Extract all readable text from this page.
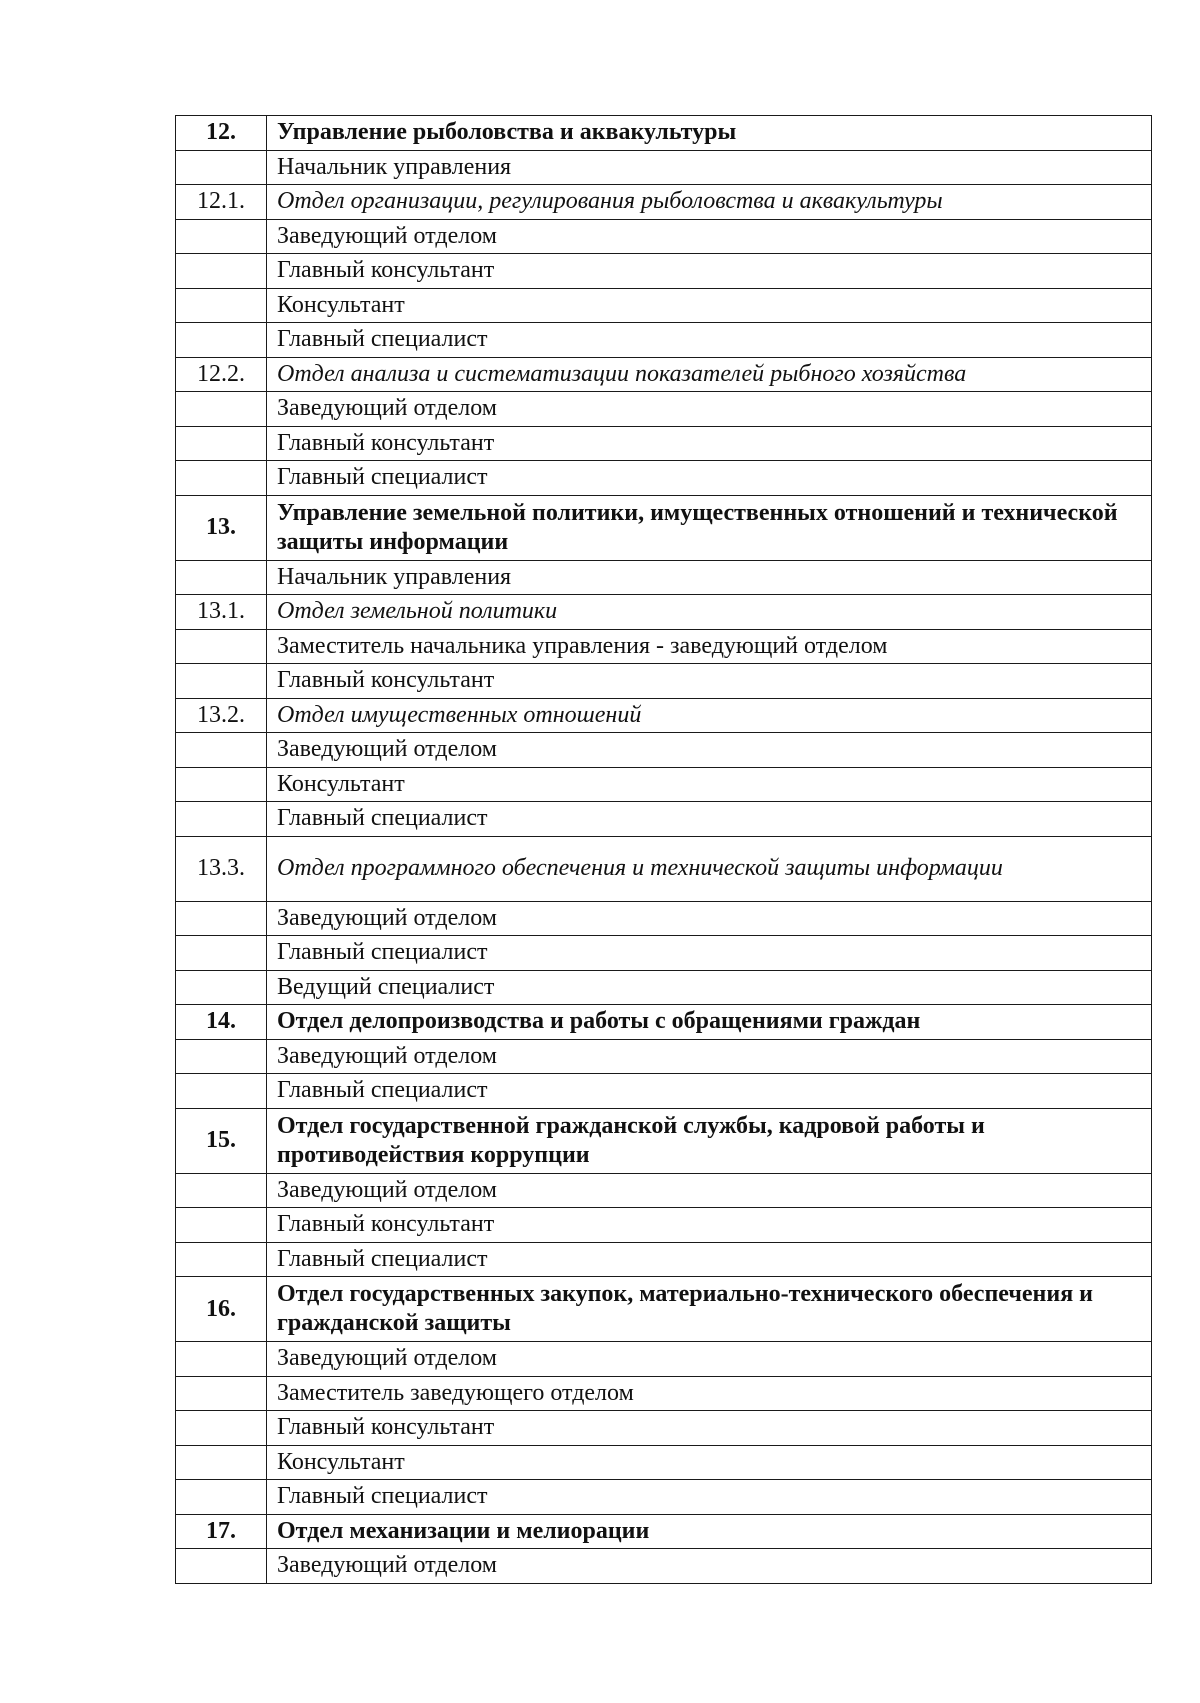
12.	Управление рыболовства и аквакультуры
	Начальник управления
12.1.	Отдел организации, регулирования рыболовства и аквакультуры
	Заведующий отделом
	Главный консультант
	Консультант
	Главный специалист
12.2.	Отдел анализа и систематизации показателей рыбного хозяйства
	Заведующий отделом
	Главный консультант
	Главный специалист
13.	Управление земельной политики, имущественных отношений и технической защиты информации
	Начальник управления
13.1.	Отдел земельной политики
	Заместитель начальника управления - заведующий отделом
	Главный консультант
13.2.	Отдел имущественных отношений
	Заведующий отделом
	Консультант
	Главный специалист
13.3.	Отдел программного обеспечения и технической защиты информации
	Заведующий отделом
	Главный специалист
	Ведущий специалист
14.	Отдел делопроизводства и работы с обращениями граждан
	Заведующий отделом
	Главный специалист
15.	Отдел государственной гражданской службы, кадровой работы и противодействия коррупции
	Заведующий отделом
	Главный консультант
	Главный специалист
16.	Отдел государственных закупок, материально-технического обеспечения и гражданской защиты
	Заведующий отделом
	Заместитель заведующего отделом
	Главный консультант
	Консультант
	Главный специалист
17.	Отдел механизации и мелиорации
	Заведующий отделом
